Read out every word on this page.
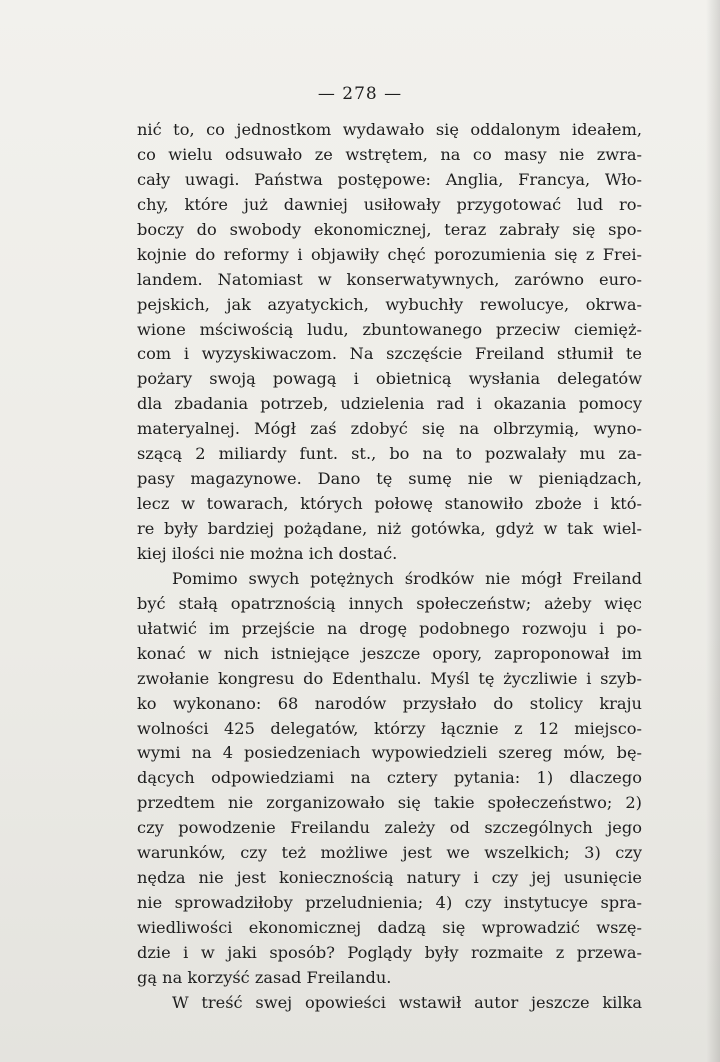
— 278 —
nić to, co jednostkom wydawało się oddalonym ideałem,
co wielu odsuwało ze wstrętem, na co masy nie zwra-
cały uwagi. Państwa postępowe: Anglia, Francya, Wło-
chy, które już dawniej usiłowały przygotować lud ro-
boczy do swobody ekonomicznej, teraz zabrały się spo-
kojnie do reformy i objawiły chęć porozumienia się z Frei-
landem. Natomiast w konserwatywnych, zarówno euro-
pejskich, jak azyatyckich, wybuchły rewolucye, okrwa-
wione mściwością ludu, zbuntowanego przeciw ciemięż-
com i wyzyskiwaczom. Na szczęście Freiland stłumił te
pożary swoją powagą i obietnicą wysłania delegatów
dla zbadania potrzeb, udzielenia rad i okazania pomocy
materyalnej. Mógł zaś zdobyć się na olbrzymią, wyno-
szącą 2 miliardy funt. st., bo na to pozwalały mu za-
pasy magazynowe. Dano tę sumę nie w pieniądzach,
lecz w towarach, których połowę stanowiło zboże i któ-
re były bardziej pożądane, niż gotówka, gdyż w tak wiel-
kiej ilości nie można ich dostać.
Pomimo swych potężnych środków nie mógł Freiland
być stałą opatrznością innych społeczeństw; ażeby więc
ułatwić im przejście na drogę podobnego rozwoju i po-
konać w nich istniejące jeszcze opory, zaproponował im
zwołanie kongresu do Edenthalu. Myśl tę życzliwie i szyb-
ko wykonano: 68 narodów przysłało do stolicy kraju
wolności 425 delegatów, którzy łącznie z 12 miejsco-
wymi na 4 posiedzeniach wypowiedzieli szereg mów, bę-
dących odpowiedziami na cztery pytania: 1) dlaczego
przedtem nie zorganizowało się takie społeczeństwo; 2)
czy powodzenie Freilandu zależy od szczególnych jego
warunków, czy też możliwe jest we wszelkich; 3) czy
nędza nie jest koniecznością natury i czy jej usunięcie
nie sprowadziłoby przeludnienia; 4) czy instytucye spra-
wiedliwości ekonomicznej dadzą się wprowadzić wszę-
dzie i w jaki sposób? Poglądy były rozmaite z przewa-
gą na korzyść zasad Freilandu.
W treść swej opowieści wstawił autor jeszcze kilka
